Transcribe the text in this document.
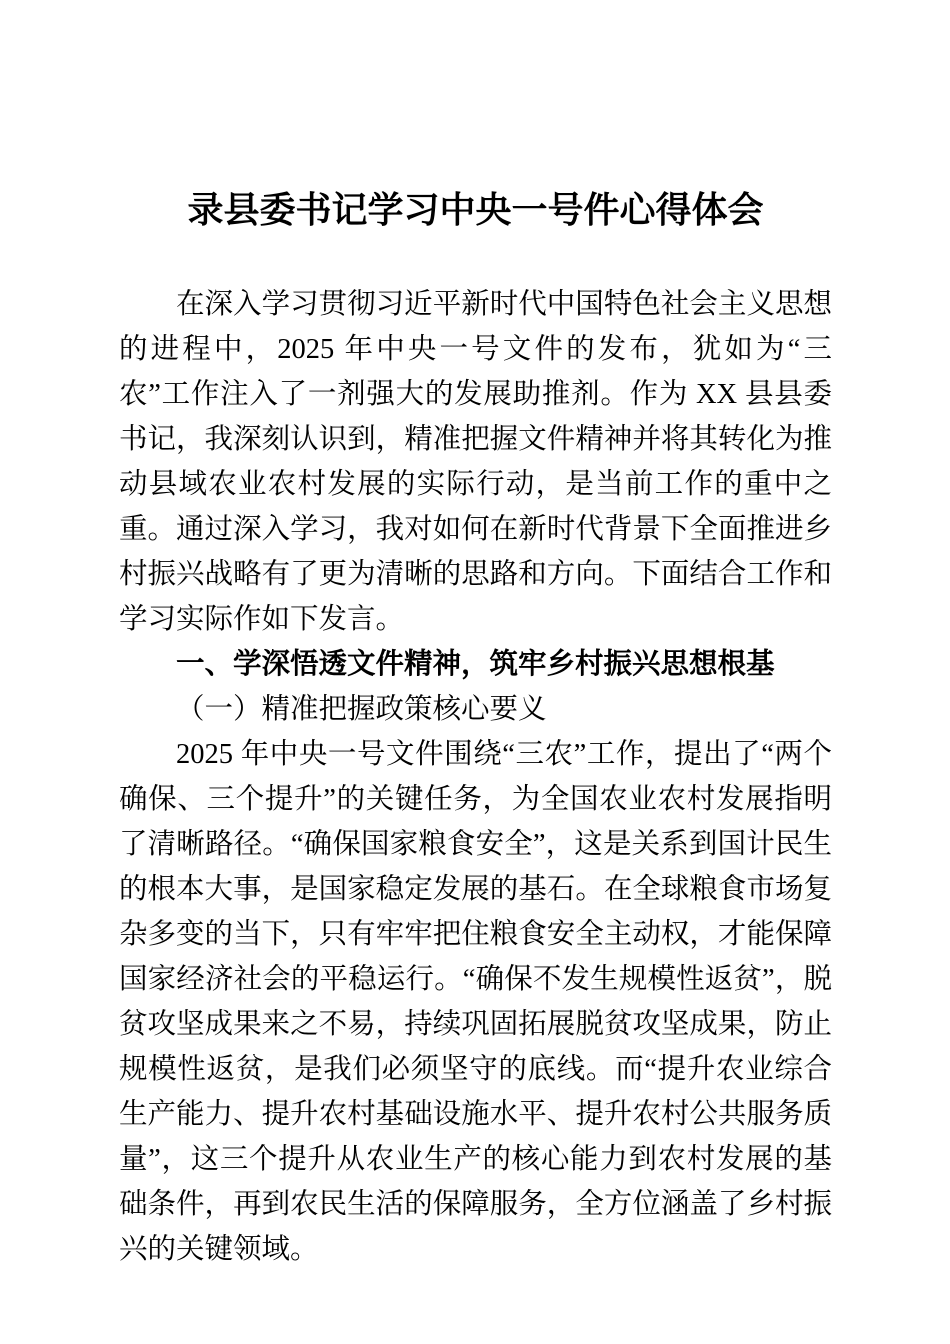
录县委书记学习中央一号件心得体会

在深入学习贯彻习近平新时代中国特色社会主义思想的进程中，2025 年中央一号文件的发布，犹如为“三农”工作注入了一剂强大的发展助推剂。作为 XX 县县委书记，我深刻认识到，精准把握文件精神并将其转化为推动县域农业农村发展的实际行动，是当前工作的重中之重。通过深入学习，我对如何在新时代背景下全面推进乡村振兴战略有了更为清晰的思路和方向。下面结合工作和学习实际作如下发言。

一、学深悟透文件精神，筑牢乡村振兴思想根基
（一）精准把握政策核心要义

2025 年中央一号文件围绕“三农”工作，提出了“两个确保、三个提升”的关键任务，为全国农业农村发展指明了清晰路径。“确保国家粮食安全”，这是关系到国计民生的根本大事，是国家稳定发展的基石。在全球粮食市场复杂多变的当下，只有牢牢把住粮食安全主动权，才能保障国家经济社会的平稳运行。“确保不发生规模性返贫”，脱贫攻坚成果来之不易，持续巩固拓展脱贫攻坚成果，防止规模性返贫，是我们必须坚守的底线。而“提升农业综合生产能力、提升农村基础设施水平、提升农村公共服务质量”，这三个提升从农业生产的核心能力到农村发展的基础条件，再到农民生活的保障服务，全方位涵盖了乡村振兴的关键领域。
